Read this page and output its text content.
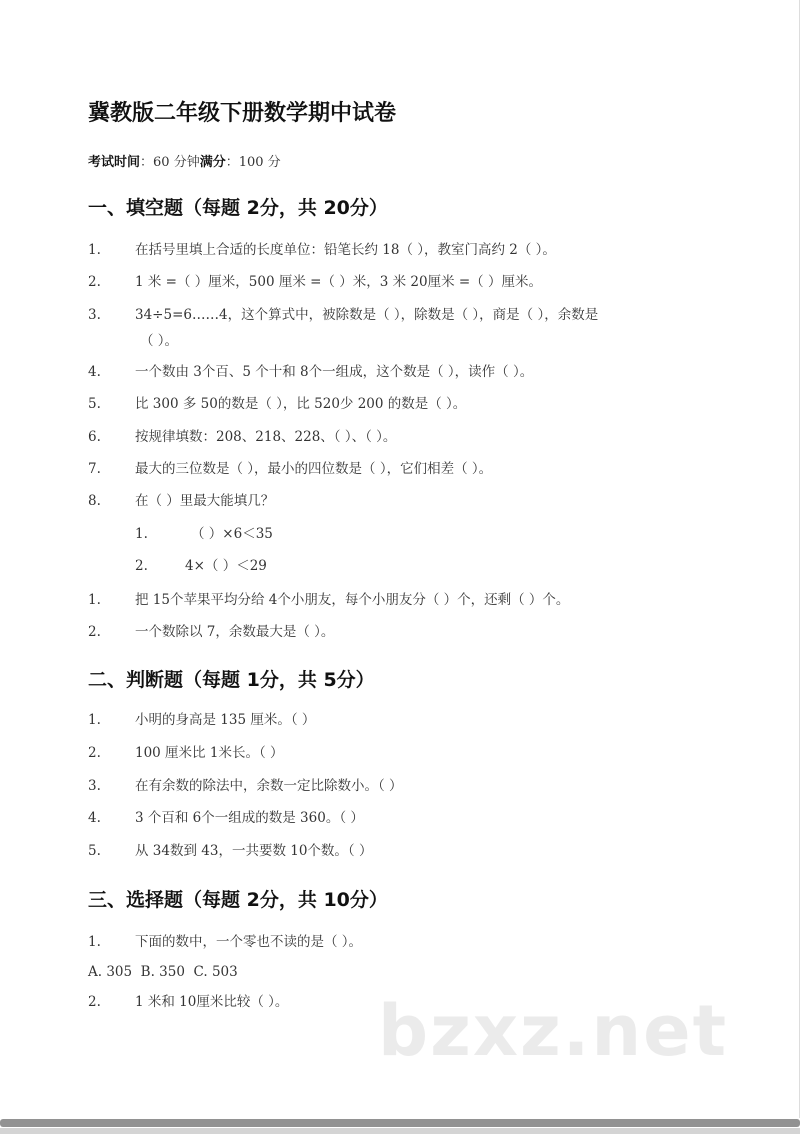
冀教版二年级下册数学期中试卷
考试时间：60 分钟满分：100 分
一、填空题（每题 2分，共 20分）
1.	在括号里填上合适的长度单位：铅笔长约 18（ ），教室门高约 2（ ）。
2.	1 米 =（ ）厘米，500 厘米 =（ ）米，3 米 20厘米 =（ ）厘米。
3.	34÷5=6……4，这个算式中，被除数是（ ），除数是（ ），商是（ ），余数是
（ ）。
4.	一个数由 3个百、5 个十和 8个一组成，这个数是（ ），读作（ ）。
5.	比 300 多 50的数是（ ），比 520少 200 的数是（ ）。
6.	按规律填数：208、218、228、（ ）、（ ）。
7.	最大的三位数是（ ），最小的四位数是（ ），它们相差（ ）。
8.	在（ ）里最大能填几？
1.	（ ）×6＜35
2.	4×（ ）＜29
1.	把 15个苹果平均分给 4个小朋友，每个小朋友分（ ）个，还剩（ ）个。
2.	一个数除以 7，余数最大是（ ）。
二、判断题（每题 1分，共 5分）
1.	小明的身高是 135 厘米。（ ）
2.	100 厘米比 1米长。（ ）
3.	在有余数的除法中，余数一定比除数小。（ ）
4.	3 个百和 6个一组成的数是 360。（ ）
5.	从 34数到 43，一共要数 10个数。（ ）
三、选择题（每题 2分，共 10分）
1.	下面的数中，一个零也不读的是（ ）。
A. 305  B. 350  C. 503
2.	1 米和 10厘米比较（ ）。 bzxz.net
